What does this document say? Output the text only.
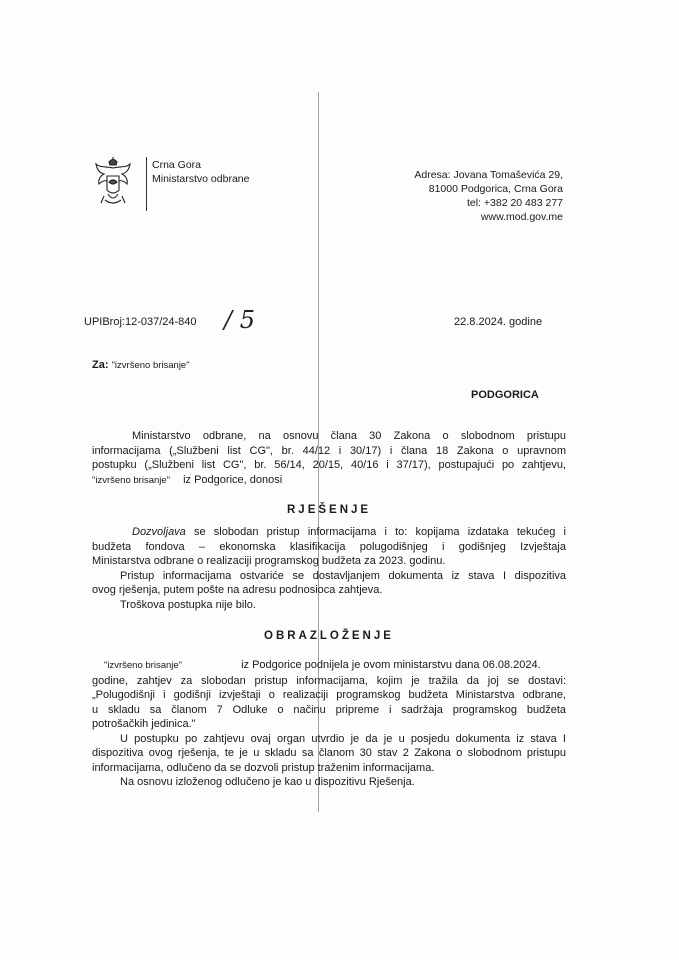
Crna Gora
Ministarstvo odbrane	Adresa: Jovana Tomaševića 29,
81000 Podgorica, Crna Gora
tel: +382 20 483 277
www.mod.gov.me
UPIBroj:12-037/24-840 / 5	22.8.2024. godine
Za: "izvršeno brisanje"
PODGORICA
Ministarstvo odbrane, na osnovu člana 30 Zakona o slobodnom pristupu
informacijama („Službeni list CG", br. 44/12 i 30/17) i člana 18 Zakona o upravnom
postupku („Službeni list CG", br. 56/14, 20/15, 40/16 i 37/17), postupajući po zahtjevu,
"izvršeno brisanje" iz Podgorice, donosi
RJEŠENJE
Dozvoljava se slobodan pristup informacijama i to: kopijama izdataka tekućeg i
budžeta fondova – ekonomska klasifikacija polugodišnjeg i godišnjeg Izvještaja
Ministarstva odbrane o realizaciji programskog budžeta za 2023. godinu.
Pristup informacijama ostvariće se dostavljanjem dokumenta iz stava I dispozitiva
ovog rješenja, putem pošte na adresu podnosioca zahtjeva.
Troškova postupka nije bilo.
OBRAZLOŽENJE
"izvršeno brisanje"	iz Podgorice podnijela je ovom ministarstvu dana 06.08.2024.
godine, zahtjev za slobodan pristup informacijama, kojim je tražila da joj se dostavi:
„Polugodišnji i godišnji izvještaji o realizaciji programskog budžeta Ministarstva odbrane,
u skladu sa članom 7 Odluke o načinu pripreme i sadržaja programskog budžeta
potrošačkih jedinica."
U postupku po zahtjevu ovaj organ utvrdio je da je u posjedu dokumenta iz stava I
dispozitiva ovog rješenja, te je u skladu sa članom 30 stav 2 Zakona o slobodnom pristupu
informacijama, odlučeno da se dozvoli pristup traženim informacijama.
Na osnovu izloženog odlučeno je kao u dispozitivu Rješenja.
